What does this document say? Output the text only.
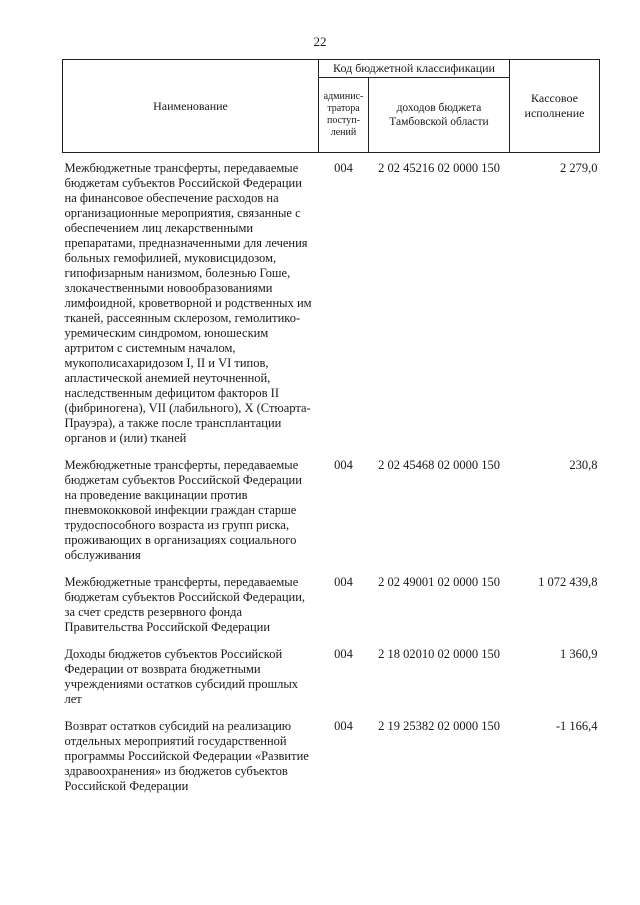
22
Наименование	Код бюджетной классификации		Кассовое исполнение
	админис-тратора поступ-лений	доходов бюджета Тамбовской области	

Межбюджетные трансферты, передаваемые бюджетам субъектов Российской Федерации на финансовое обеспечение расходов на организационные мероприятия, связанные с обеспечением лиц лекарственными препаратами, предназначенными для лечения больных гемофилией, муковисцидозом, гипофизарным нанизмом, болезнью Гоше, злокачественными новообразованиями лимфоидной, кроветворной и родственных им тканей, рассеянным склерозом, гемолитико-уремическим синдромом, юношеским артритом с системным началом, мукополисахаридозом I, II и VI типов, апластической анемией неуточненной, наследственным дефицитом факторов II (фибриногена), VII (лабильного), X (Стюарта-Прауэра), а также после трансплантации органов и (или) тканей	004	2 02 45216 02 0000 150	2 279,0
Межбюджетные трансферты, передаваемые бюджетам субъектов Российской Федерации на проведение вакцинации против пневмококковой инфекции граждан старше трудоспособного возраста из групп риска, проживающих в организациях социального обслуживания	004	2 02 45468 02 0000 150	230,8
Межбюджетные трансферты, передаваемые бюджетам субъектов Российской Федерации, за счет средств резервного фонда Правительства Российской Федерации	004	2 02 49001 02 0000 150	1 072 439,8
Доходы бюджетов субъектов Российской Федерации от возврата бюджетными учреждениями остатков субсидий прошлых лет	004	2 18 02010 02 0000 150	1 360,9
Возврат остатков субсидий на реализацию отдельных мероприятий государственной программы Российской Федерации «Развитие здравоохранения» из бюджетов субъектов Российской Федерации	004	2 19 25382 02 0000 150	-1 166,4
